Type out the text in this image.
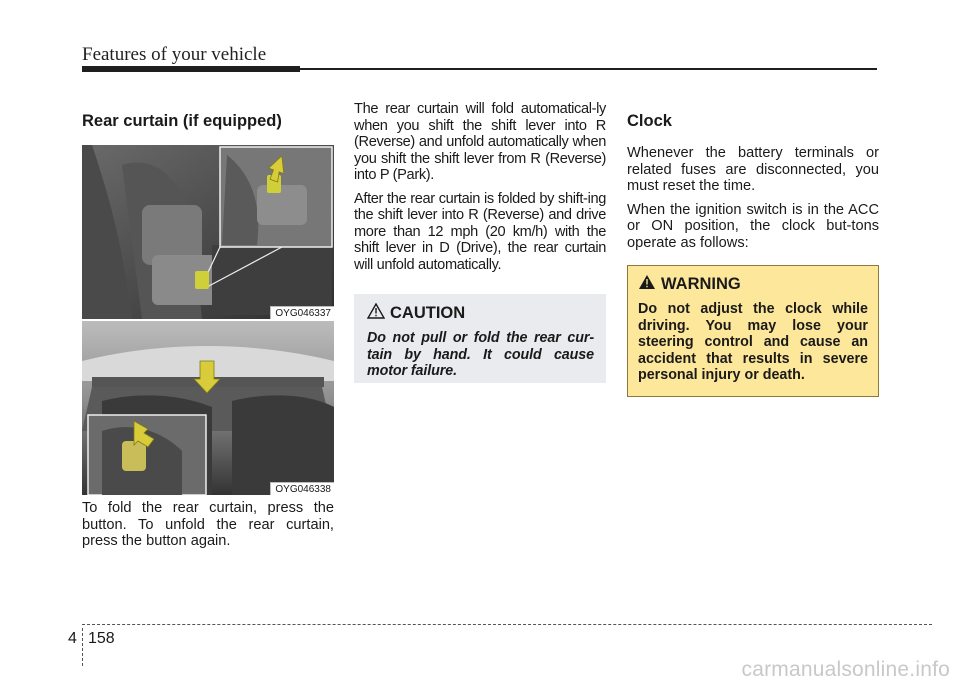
Features of your vehicle
Rear curtain (if equipped)
OYG046337
OYG046338

To fold the rear curtain, press the button. To unfold the rear curtain, press the button again.

The rear curtain will fold automatical-ly when you shift the shift lever into R (Reverse) and unfold automatically when you shift the shift lever from R (Reverse) into P (Park).

After the rear curtain is folded by shift-ing the shift lever into R (Reverse) and drive more than 12 mph (20 km/h) with the shift lever in D (Drive), the rear curtain will unfold automatically.

CAUTION

Do not pull or fold the rear cur-tain by hand. It could cause motor failure.

Clock

Whenever the battery terminals or related fuses are disconnected, you must reset the time.

When the ignition switch is in the ACC or ON position, the clock but-tons operate as follows:

WARNING

Do not adjust the clock while driving. You may lose your steering control and cause an accident that results in severe personal injury or death.

4 158
carmanualsonline.info
